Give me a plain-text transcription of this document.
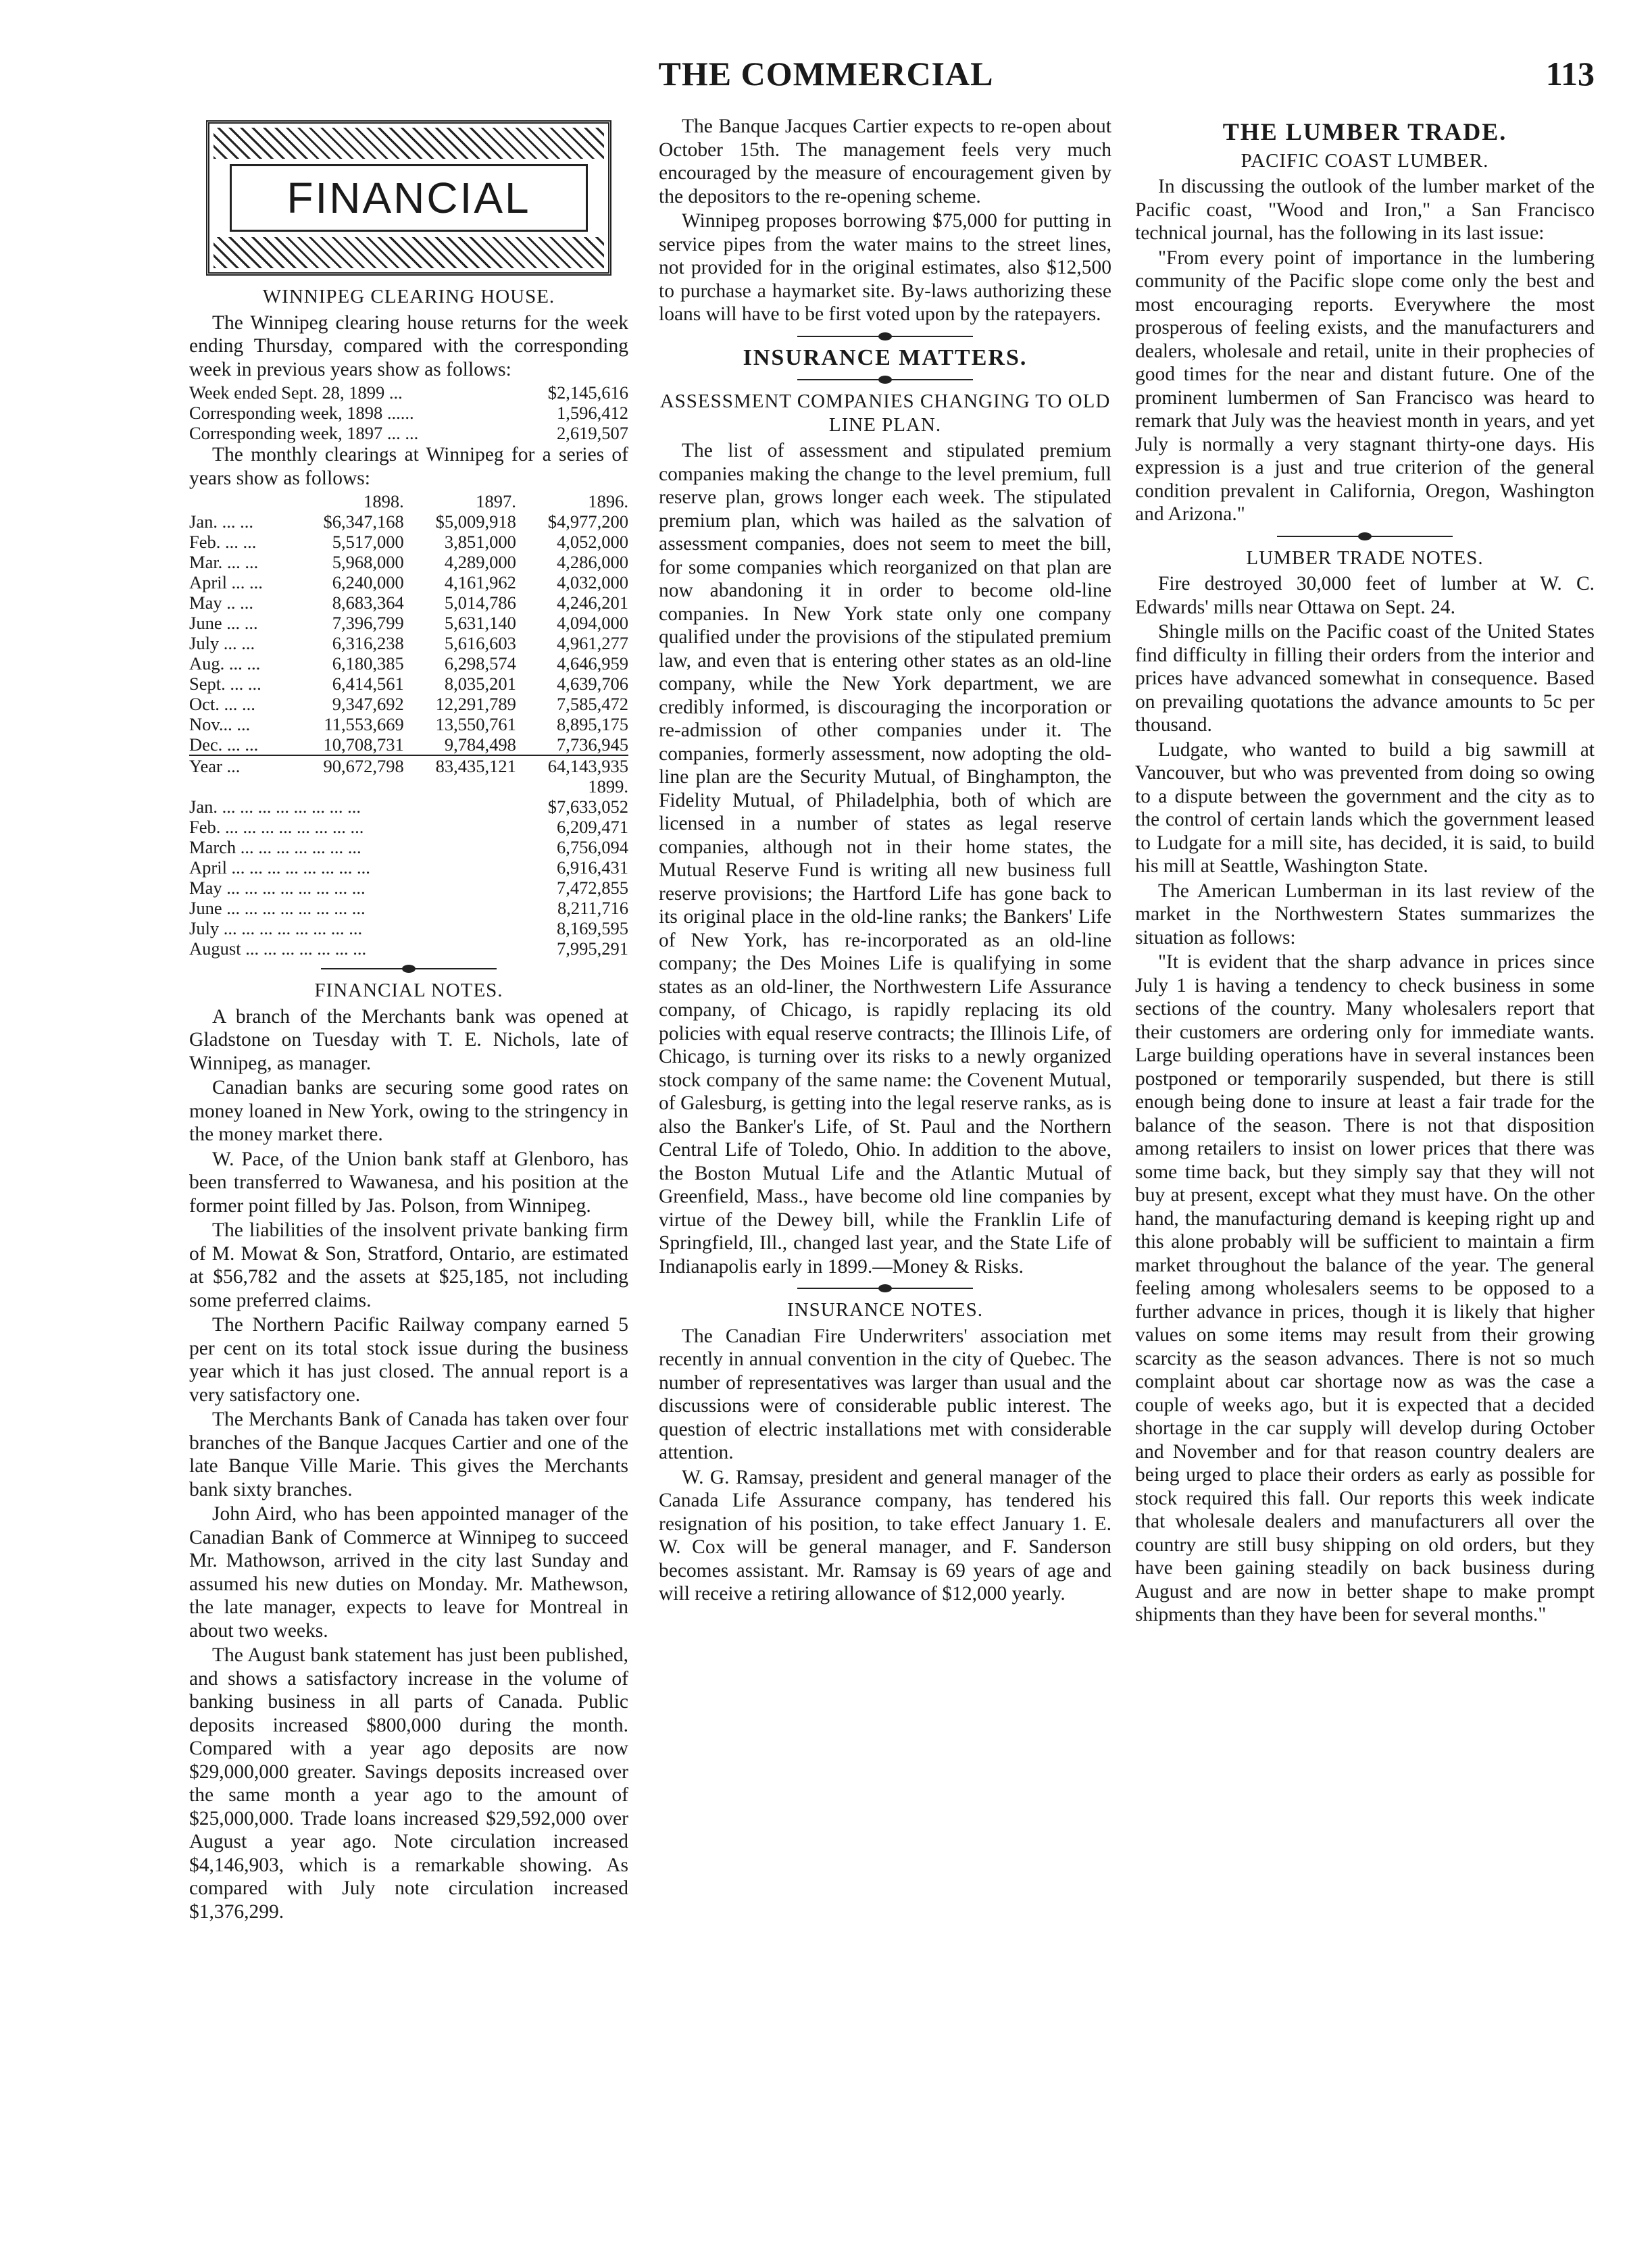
THE COMMERCIAL	113
FINANCIAL
WINNIPEG CLEARING HOUSE.

The Winnipeg clearing house returns for the week ending Thursday, compared with the corresponding week in previous years show as follows:

Week ended Sept. 28, 1899 ...	$2,145,616
Corresponding week, 1898 ......	1,596,412
Corresponding week, 1897 ... ...	2,619,507

The monthly clearings at Winnipeg for a series of years show as follows:

	1898.	1897.	1896.
Jan. ... ...	$6,347,168	$5,009,918	$4,977,200
Feb. ... ...	5,517,000	3,851,000	4,052,000
Mar. ... ...	5,968,000	4,289,000	4,286,000
April ... ...	6,240,000	4,161,962	4,032,000
May .. ...	8,683,364	5,014,786	4,246,201
June ... ...	7,396,799	5,631,140	4,094,000
July ... ...	6,316,238	5,616,603	4,961,277
Aug. ... ...	6,180,385	6,298,574	4,646,959
Sept. ... ...	6,414,561	8,035,201	4,639,706
Oct. ... ...	9,347,692	12,291,789	7,585,472
Nov... ...	11,553,669	13,550,761	8,895,175
Dec. ... ...	10,708,731	9,784,498	7,736,945
Year ...	90,672,798	83,435,121	64,143,935
			1899.
Jan. ... ... ... ... ... ... ... ...			$7,633,052
Feb. ... ... ... ... ... ... ... ...			6,209,471
March ... ... ... ... ... ... ...			6,756,094
April ... ... ... ... ... ... ... ...			6,916,431
May ... ... ... ... ... ... ... ...			7,472,855
June ... ... ... ... ... ... ... ...			8,211,716
July ... ... ... ... ... ... ... ...			8,169,595
August ... ... ... ... ... ... ...			7,995,291
FINANCIAL NOTES.

A branch of the Merchants bank was opened at Gladstone on Tuesday with T. E. Nichols, late of Winnipeg, as manager.

Canadian banks are securing some good rates on money loaned in New York, owing to the stringency in the money market there.

W. Pace, of the Union bank staff at Glenboro, has been transferred to Wawanesa, and his position at the former point filled by Jas. Polson, from Winnipeg.

The liabilities of the insolvent private banking firm of M. Mowat & Son, Stratford, Ontario, are estimated at $56,782 and the assets at $25,185, not including some preferred claims.

The Northern Pacific Railway company earned 5 per cent on its total stock issue during the business year which it has just closed. The annual report is a very satisfactory one.

The Merchants Bank of Canada has taken over four branches of the Banque Jacques Cartier and one of the late Banque Ville Marie. This gives the Merchants bank sixty branches.

John Aird, who has been appointed manager of the Canadian Bank of Commerce at Winnipeg to succeed Mr. Mathowson, arrived in the city last Sunday and assumed his new duties on Monday. Mr. Mathewson, the late manager, expects to leave for Montreal in about two weeks.

The August bank statement has just been published, and shows a satisfactory increase in the volume of banking business in all parts of Canada. Public deposits increased $800,000 during the month. Compared with a year ago deposits are now $29,000,000 greater. Savings deposits increased over the same month a year ago to the amount of $25,000,000. Trade loans increased $29,592,000 over August a year ago. Note circulation increased $4,146,903, which is a remarkable showing. As compared with July note circulation increased $1,376,299.

The Banque Jacques Cartier expects to re-open about October 15th. The management feels very much encouraged by the measure of encouragement given by the depositors to the re-opening scheme.

Winnipeg proposes borrowing $75,000 for putting in service pipes from the water mains to the street lines, not provided for in the original estimates, also $12,500 to purchase a haymarket site. By-laws authorizing these loans will have to be first voted upon by the ratepayers.

INSURANCE MATTERS.
ASSESSMENT COMPANIES CHANGING TO OLD LINE PLAN.

The list of assessment and stipulated premium companies making the change to the level premium, full reserve plan, grows longer each week. The stipulated premium plan, which was hailed as the salvation of assessment companies, does not seem to meet the bill, for some companies which reorganized on that plan are now abandoning it in order to become old-line companies. In New York state only one company qualified under the provisions of the stipulated premium law, and even that is entering other states as an old-line company, while the New York department, we are credibly informed, is discouraging the incorporation or re-admission of other companies under it. The companies, formerly assessment, now adopting the old-line plan are the Security Mutual, of Binghampton, the Fidelity Mutual, of Philadelphia, both of which are licensed in a number of states as legal reserve companies, although not in their home states, the Mutual Reserve Fund is writing all new business full reserve provisions; the Hartford Life has gone back to its original place in the old-line ranks; the Bankers' Life of New York, has re-incorporated as an old-line company; the Des Moines Life is qualifying in some states as an old-liner, the Northwestern Life Assurance company, of Chicago, is rapidly replacing its old policies with equal reserve contracts; the Illinois Life, of Chicago, is turning over its risks to a newly organized stock company of the same name: the Covenent Mutual, of Galesburg, is getting into the legal reserve ranks, as is also the Banker's Life, of St. Paul and the Northern Central Life of Toledo, Ohio. In addition to the above, the Boston Mutual Life and the Atlantic Mutual of Greenfield, Mass., have become old line companies by virtue of the Dewey bill, while the Franklin Life of Springfield, Ill., changed last year, and the State Life of Indianapolis early in 1899.—Money & Risks.

INSURANCE NOTES.

The Canadian Fire Underwriters' association met recently in annual convention in the city of Quebec. The number of representatives was larger than usual and the discussions were of considerable public interest. The question of electric installations met with considerable attention.

W. G. Ramsay, president and general manager of the Canada Life Assurance company, has tendered his resignation of his position, to take effect January 1. E. W. Cox will be general manager, and F. Sanderson becomes assistant. Mr. Ramsay is 69 years of age and will receive a retiring allowance of $12,000 yearly.

THE LUMBER TRADE.
PACIFIC COAST LUMBER.

In discussing the outlook of the lumber market of the Pacific coast, "Wood and Iron," a San Francisco technical journal, has the following in its last issue:

"From every point of importance in the lumbering community of the Pacific slope come only the best and most encouraging reports. Everywhere the most prosperous of feeling exists, and the manufacturers and dealers, wholesale and retail, unite in their prophecies of good times for the near and distant future. One of the prominent lumbermen of San Francisco was heard to remark that July was the heaviest month in years, and yet July is normally a very stagnant thirty-one days. His expression is a just and true criterion of the general condition prevalent in California, Oregon, Washington and Arizona."

LUMBER TRADE NOTES.

Fire destroyed 30,000 feet of lumber at W. C. Edwards' mills near Ottawa on Sept. 24.

Shingle mills on the Pacific coast of the United States find difficulty in filling their orders from the interior and prices have advanced somewhat in consequence. Based on prevailing quotations the advance amounts to 5c per thousand.

Ludgate, who wanted to build a big sawmill at Vancouver, but who was prevented from doing so owing to a dispute between the government and the city as to the control of certain lands which the government leased to Ludgate for a mill site, has decided, it is said, to build his mill at Seattle, Washington State.

The American Lumberman in its last review of the market in the Northwestern States summarizes the situation as follows:

"It is evident that the sharp advance in prices since July 1 is having a tendency to check business in some sections of the country. Many wholesalers report that their customers are ordering only for immediate wants. Large building operations have in several instances been postponed or temporarily suspended, but there is still enough being done to insure at least a fair trade for the balance of the season. There is not that disposition among retailers to insist on lower prices that there was some time back, but they simply say that they will not buy at present, except what they must have. On the other hand, the manufacturing demand is keeping right up and this alone probably will be sufficient to maintain a firm market throughout the balance of the year. The general feeling among wholesalers seems to be opposed to a further advance in prices, though it is likely that higher values on some items may result from their growing scarcity as the season advances. There is not so much complaint about car shortage now as was the case a couple of weeks ago, but it is expected that a decided shortage in the car supply will develop during October and November and for that reason country dealers are being urged to place their orders as early as possible for stock required this fall. Our reports this week indicate that wholesale dealers and manufacturers all over the country are still busy shipping on old orders, but they have been gaining steadily on back business during August and are now in better shape to make prompt shipments than they have been for several months."
